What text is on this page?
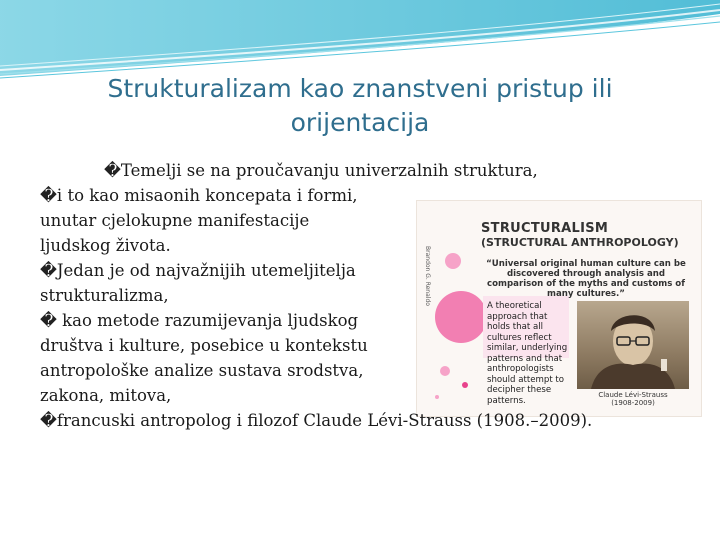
Strukturalizam kao znanstveni pristup ili
orijentacija
Brandon G. Renaldo
STRUCTURALISM
(STRUCTURAL ANTHROPOLOGY)
“Universal original human culture can be discovered through analysis and comparison of the myths and customs of many cultures.”
A theoretical approach that holds that all cultures reflect similar, underlying patterns and that anthropologists should attempt to decipher these patterns.
Claude Lévi-Strauss
(1908-2009)
�Temelji se na proučavanju univerzalnih struktura,
�i to kao misaonih koncepata i formi,
unutar cjelokupne manifestacije
ljudskog života.
�Jedan je od najvažnijih utemeljitelja
strukturalizma,
� kao metode razumijevanja ljudskog
društva i kulture, posebice u kontekstu
antropološke analize sustava srodstva,
zakona, mitova,
�francuski antropolog i filozof Claude Lévi-Strauss (1908.–2009).
